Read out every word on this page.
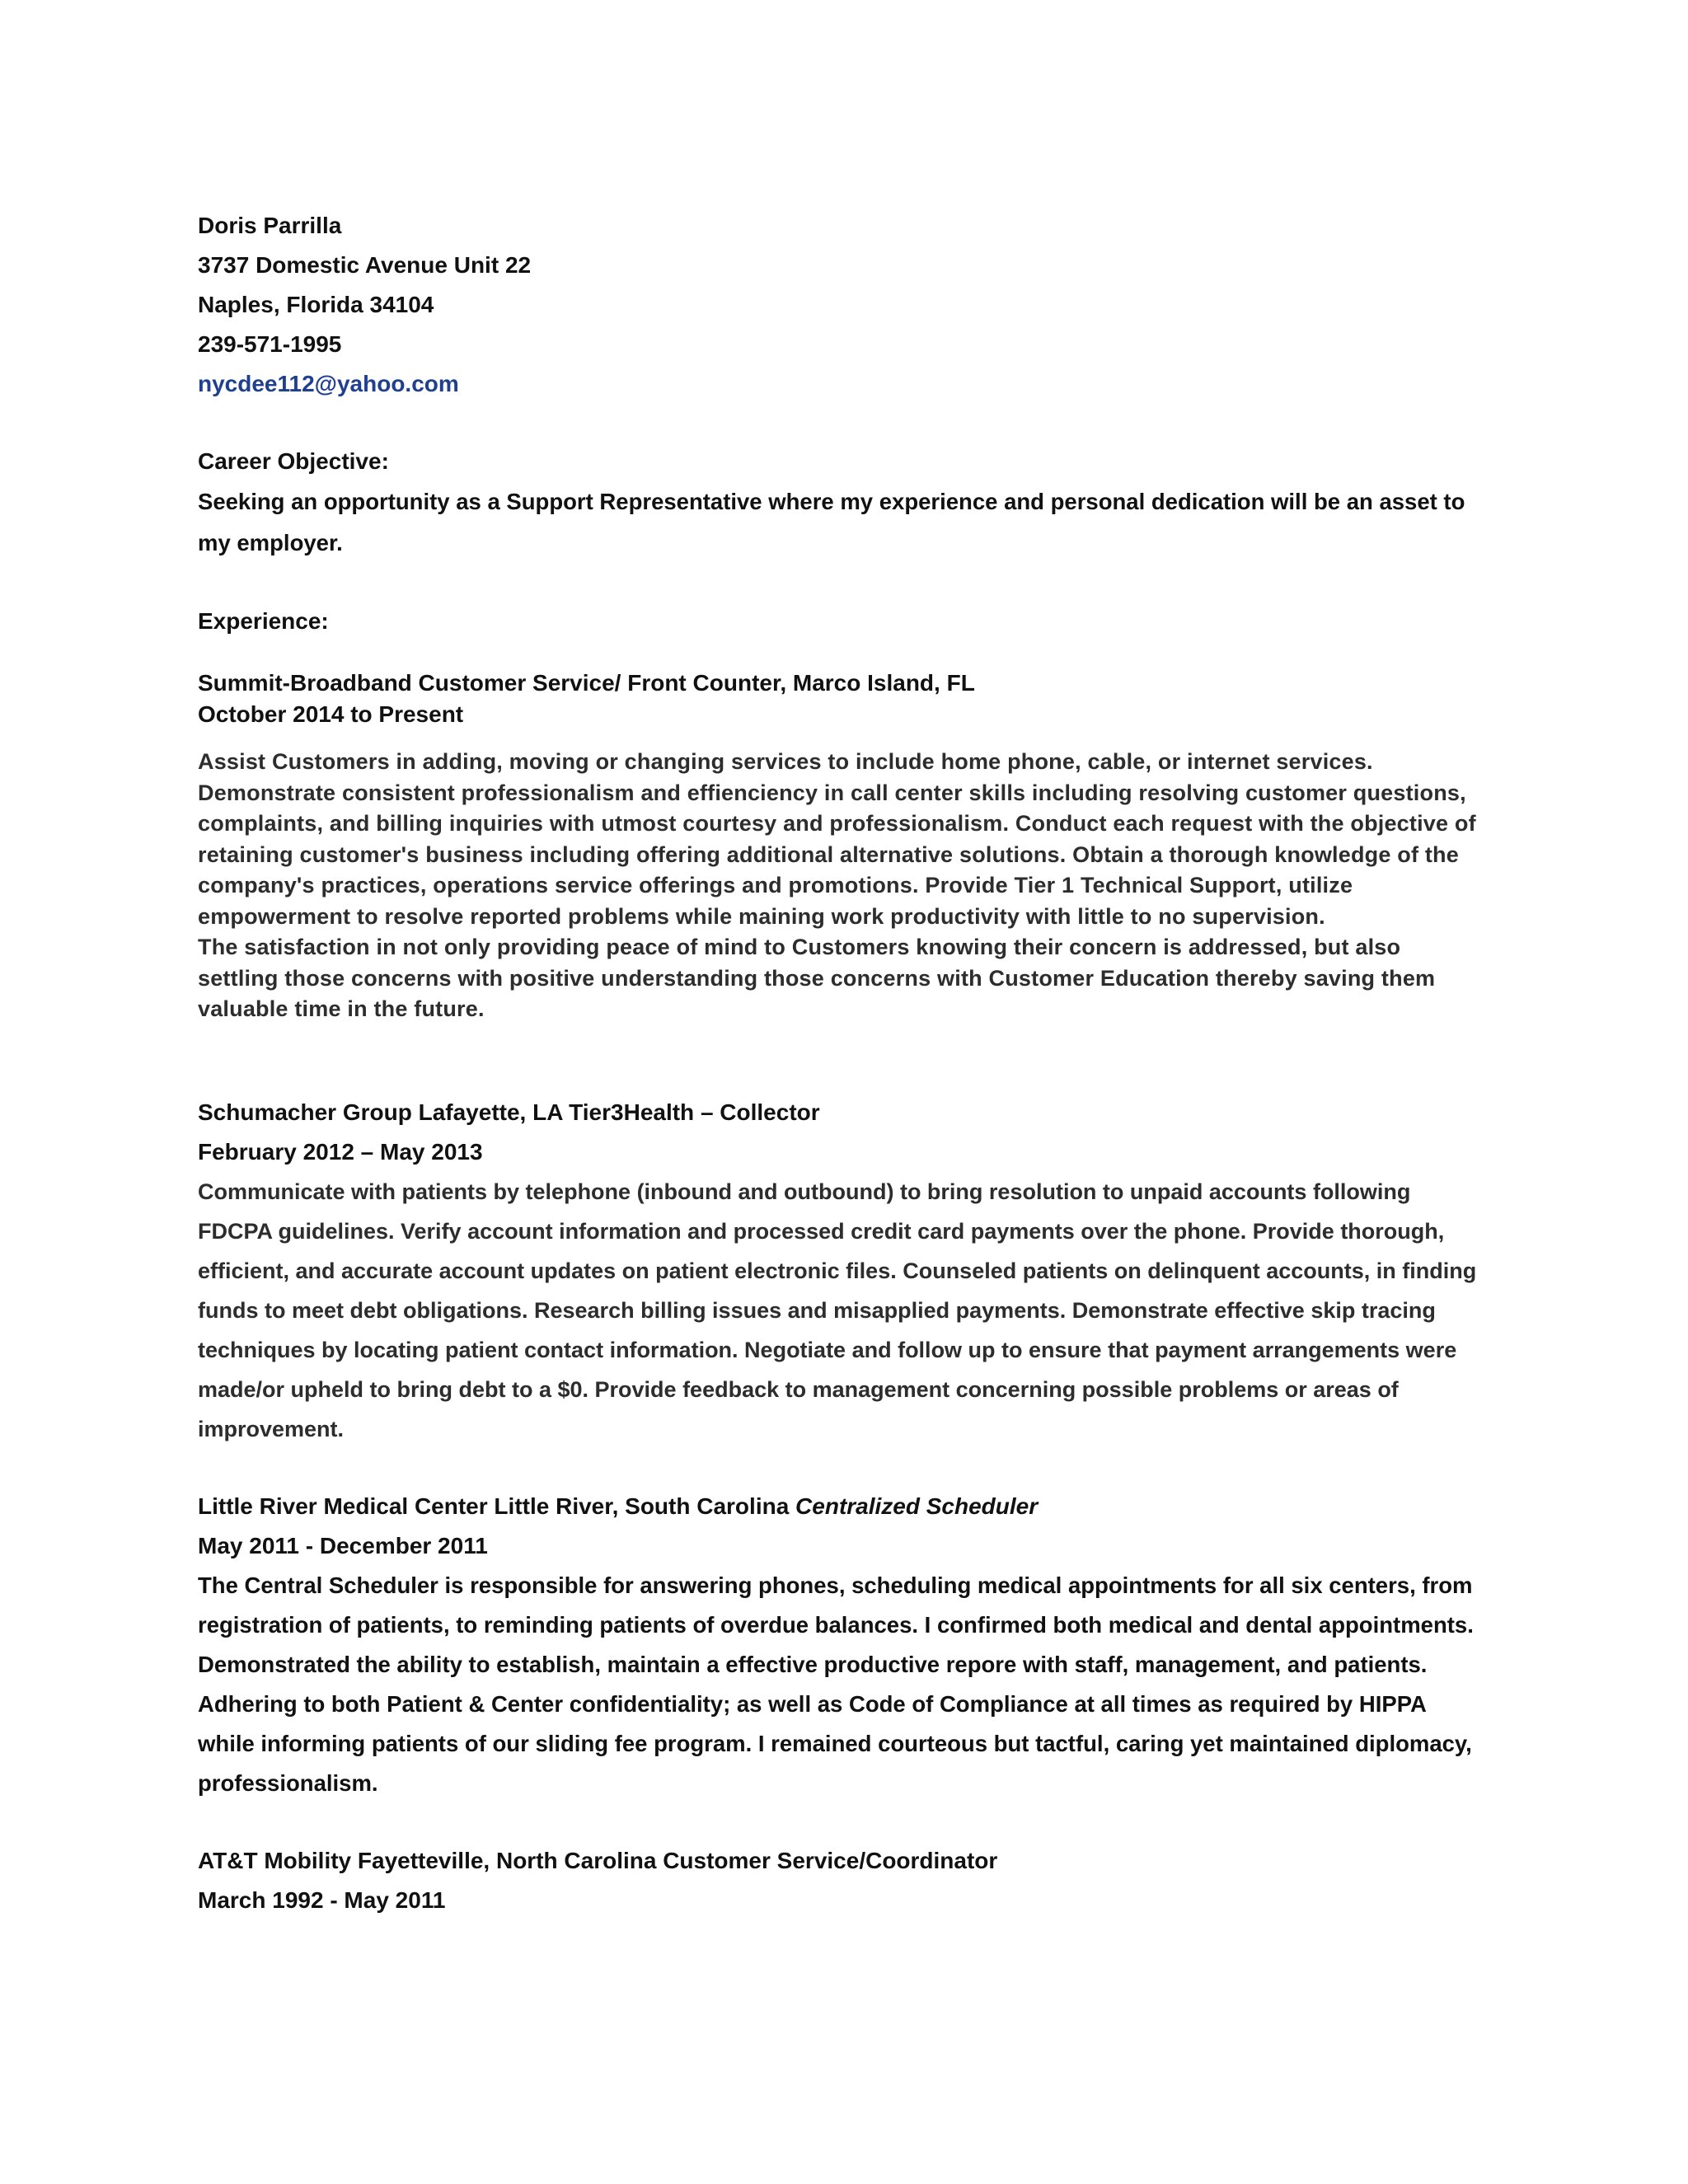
Doris Parrilla

3737 Domestic Avenue Unit 22

Naples, Florida 34104

239-571-1995

nycdee112@yahoo.com

Career Objective:

Seeking an opportunity as a Support Representative where my experience and personal dedication will be an asset to my employer.

Experience:

Summit-Broadband Customer Service/ Front Counter, Marco Island, FL

October 2014 to Present

Assist Customers in adding, moving or changing services to include home phone, cable, or internet services. Demonstrate consistent professionalism and effienciency in call center skills including resolving customer questions, complaints, and billing inquiries with utmost courtesy and professionalism. Conduct each request with the objective of retaining customer's business including offering additional alternative solutions. Obtain a thorough knowledge of the company's practices, operations service offerings and promotions. Provide Tier 1 Technical Support, utilize empowerment to resolve reported problems while maining work productivity with little to no supervision.

The satisfaction in not only providing peace of mind to Customers knowing their concern is addressed, but also settling those concerns with positive understanding those concerns with Customer Education thereby saving them valuable time in the future.

Schumacher Group Lafayette, LA Tier3Health – Collector

February 2012 – May 2013

Communicate with patients by telephone (inbound and outbound) to bring resolution to unpaid accounts following FDCPA guidelines. Verify account information and processed credit card payments over the phone. Provide thorough, efficient, and accurate account updates on patient electronic files. Counseled patients on delinquent accounts, in finding funds to meet debt obligations. Research billing issues and misapplied payments. Demonstrate effective skip tracing techniques by locating patient contact information. Negotiate and follow up to ensure that payment arrangements were made/or upheld to bring debt to a $0. Provide feedback to management concerning possible problems or areas of improvement.

Little River Medical Center Little River, South Carolina Centralized Scheduler

May 2011 - December 2011

The Central Scheduler is responsible for answering phones, scheduling medical appointments for all six centers, from registration of patients, to reminding patients of overdue balances. I confirmed both medical and dental appointments. Demonstrated the ability to establish, maintain a effective productive repore with staff, management, and patients. Adhering to both Patient & Center confidentiality; as well as Code of Compliance at all times as required by HIPPA while informing patients of our sliding fee program. I remained courteous but tactful, caring yet maintained diplomacy, professionalism.

AT&T Mobility Fayetteville, North Carolina Customer Service/Coordinator

March 1992 - May 2011
